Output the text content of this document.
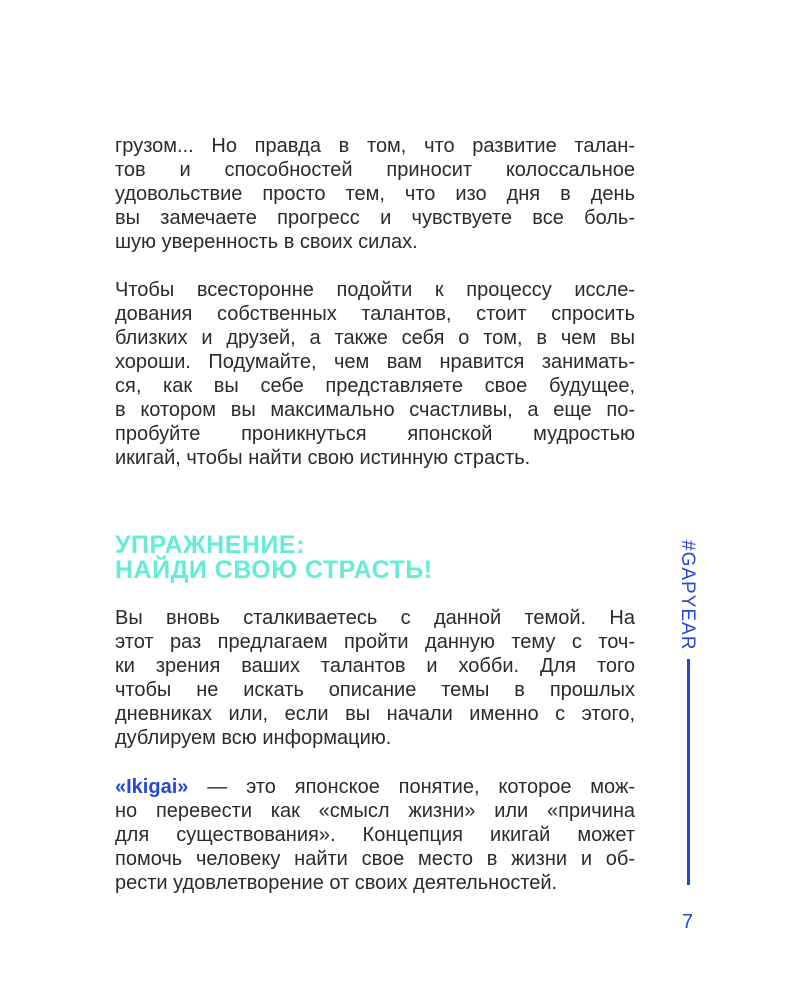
грузом... Но правда в том, что развитие талан-
тов и способностей приносит колоссальное
удовольствие просто тем, что изо дня в день
вы замечаете прогресс и чувствуете все боль-
шую уверенность в своих силах.
Чтобы всесторонне подойти к процессу иссле-
дования собственных талантов, стоит спросить
близких и друзей, а также себя о том, в чем вы
хороши. Подумайте, чем вам нравится занимать-
ся, как вы себе представляете свое будущее,
в котором вы максимально счастливы, а еще по-
пробуйте проникнуться японской мудростью
икигай, чтобы найти свою истинную страсть.
УПРАЖНЕНИЕ:
НАЙДИ СВОЮ СТРАСТЬ!
Вы вновь сталкиваетесь с данной темой. На
этот раз предлагаем пройти данную тему с точ-
ки зрения ваших талантов и хобби. Для того
чтобы не искать описание темы в прошлых
дневниках или, если вы начали именно с этого,
дублируем всю информацию.
«Ikigai» — это японское понятие, которое мож-
но перевести как «смысл жизни» или «причина
для существования». Концепция икигай может
помочь человеку найти свое место в жизни и об-
рести удовлетворение от своих деятельностей.
#GAPYEAR
7
